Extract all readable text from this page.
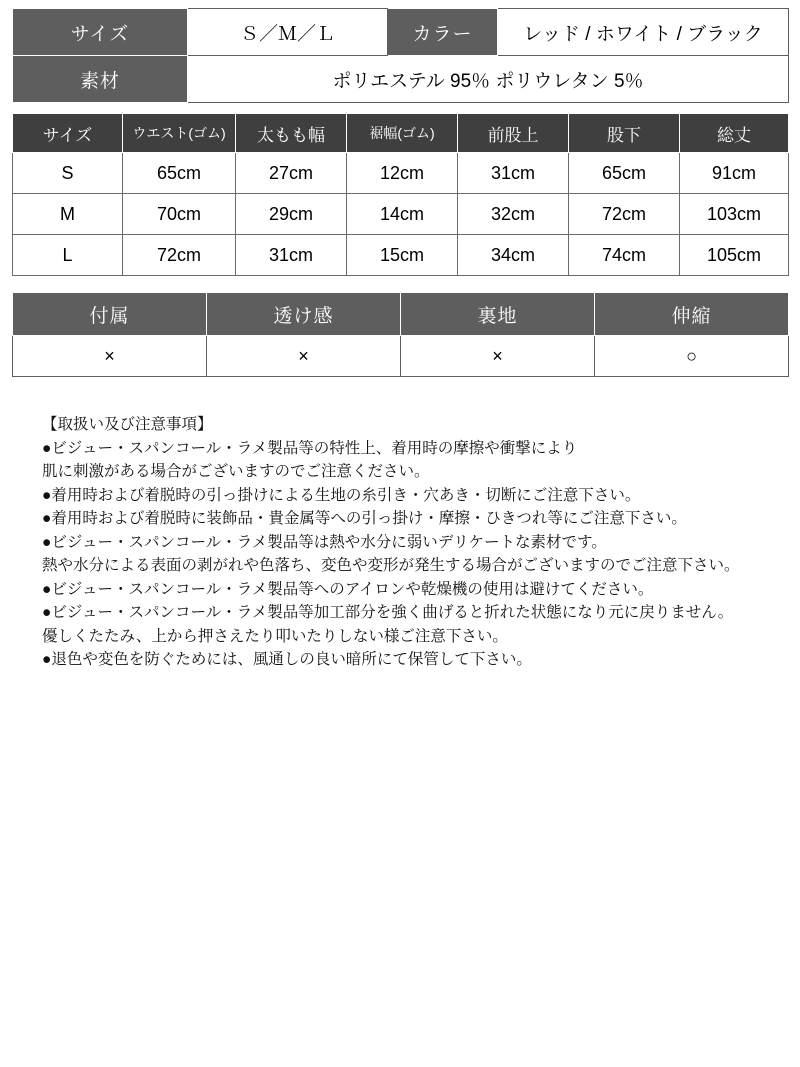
サイズ	Ｓ／Ｍ／Ｌ	カラー	レッド / ホワイト / ブラック
素材	ポリエステル 95％ ポリウレタン 5％		
サイズ	ウエスト(ゴム)	太もも幅	裾幅(ゴム)	前股上	股下	総丈
S	65cm	27cm	12cm	31cm	65cm	91cm
M	70cm	29cm	14cm	32cm	72cm	103cm
L	72cm	31cm	15cm	34cm	74cm	105cm
付属	透け感	裏地	伸縮
×	×	×	○
【取扱い及び注意事項】
●ビジュー・スパンコール・ラメ製品等の特性上、着用時の摩擦や衝撃により
肌に刺激がある場合がございますのでご注意ください。
●着用時および着脱時の引っ掛けによる生地の糸引き・穴あき・切断にご注意下さい。
●着用時および着脱時に装飾品・貴金属等への引っ掛け・摩擦・ひきつれ等にご注意下さい。
●ビジュー・スパンコール・ラメ製品等は熱や水分に弱いデリケートな素材です。
熱や水分による表面の剥がれや色落ち、変色や変形が発生する場合がございますのでご注意下さい。
●ビジュー・スパンコール・ラメ製品等へのアイロンや乾燥機の使用は避けてください。
●ビジュー・スパンコール・ラメ製品等加工部分を強く曲げると折れた状態になり元に戻りません。
優しくたたみ、上から押さえたり叩いたりしない様ご注意下さい。
●退色や変色を防ぐためには、風通しの良い暗所にて保管して下さい。
